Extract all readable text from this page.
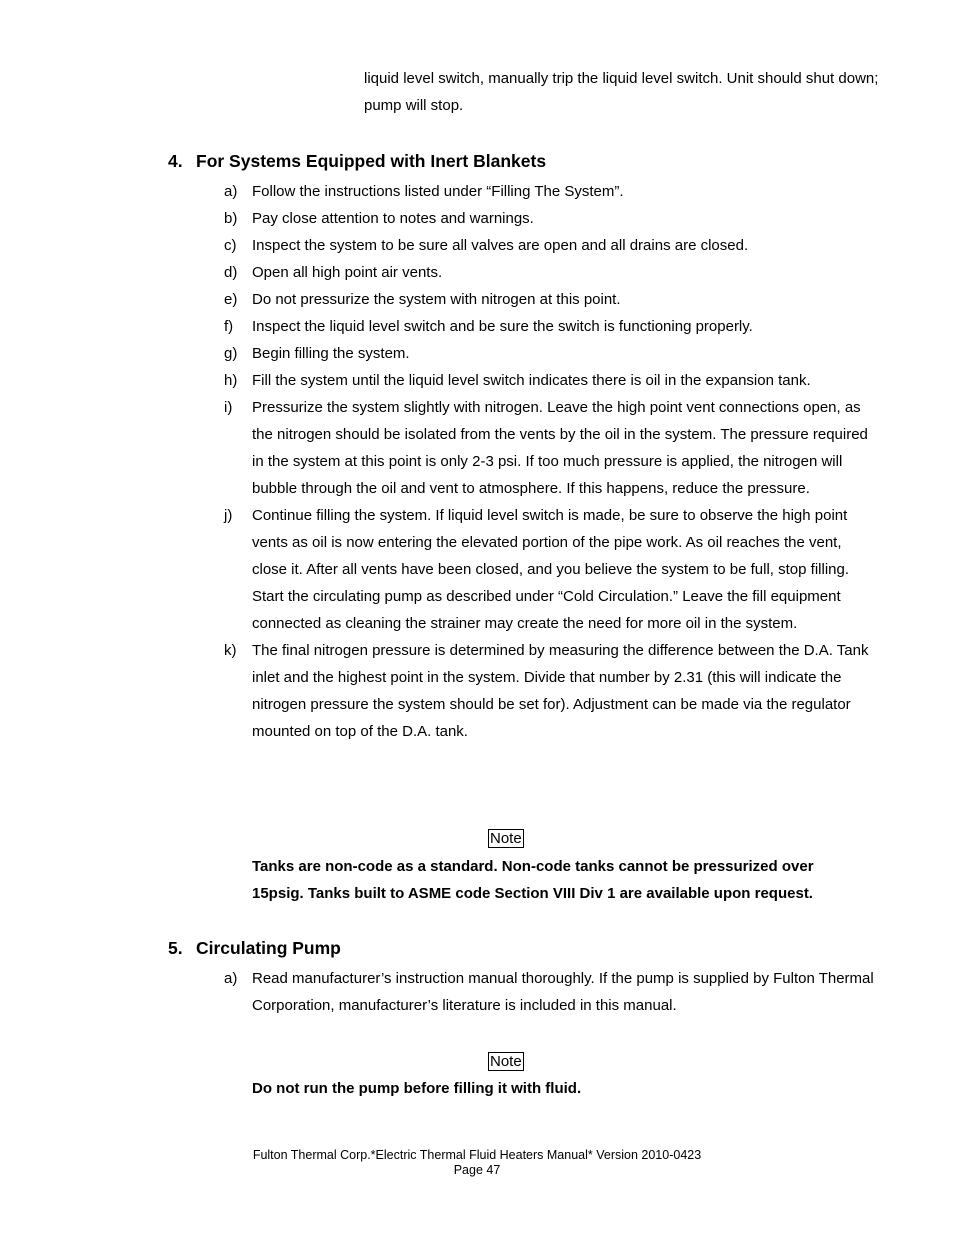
liquid level switch, manually trip the liquid level switch. Unit should shut down; pump will stop.
4. For Systems Equipped with Inert Blankets
a) Follow the instructions listed under “Filling The System”.
b) Pay close attention to notes and warnings.
c) Inspect the system to be sure all valves are open and all drains are closed.
d) Open all high point air vents.
e) Do not pressurize the system with nitrogen at this point.
f) Inspect the liquid level switch and be sure the switch is functioning properly.
g) Begin filling the system.
h) Fill the system until the liquid level switch indicates there is oil in the expansion tank.
i) Pressurize the system slightly with nitrogen. Leave the high point vent connections open, as the nitrogen should be isolated from the vents by the oil in the system. The pressure required in the system at this point is only 2-3 psi. If too much pressure is applied, the nitrogen will bubble through the oil and vent to atmosphere. If this happens, reduce the pressure.
j) Continue filling the system. If liquid level switch is made, be sure to observe the high point vents as oil is now entering the elevated portion of the pipe work. As oil reaches the vent, close it. After all vents have been closed, and you believe the system to be full, stop filling. Start the circulating pump as described under “Cold Circulation.” Leave the fill equipment connected as cleaning the strainer may create the need for more oil in the system.
k) The final nitrogen pressure is determined by measuring the difference between the D.A. Tank inlet and the highest point in the system. Divide that number by 2.31 (this will indicate the nitrogen pressure the system should be set for). Adjustment can be made via the regulator mounted on top of the D.A. tank.
Note
Tanks are non-code as a standard. Non-code tanks cannot be pressurized over 15psig. Tanks built to ASME code Section VIII Div 1 are available upon request.
5. Circulating Pump
a) Read manufacturer’s instruction manual thoroughly. If the pump is supplied by Fulton Thermal Corporation, manufacturer’s literature is included in this manual.
Note
Do not run the pump before filling it with fluid.
Fulton Thermal Corp.*Electric Thermal Fluid Heaters Manual* Version 2010-0423
Page 47
